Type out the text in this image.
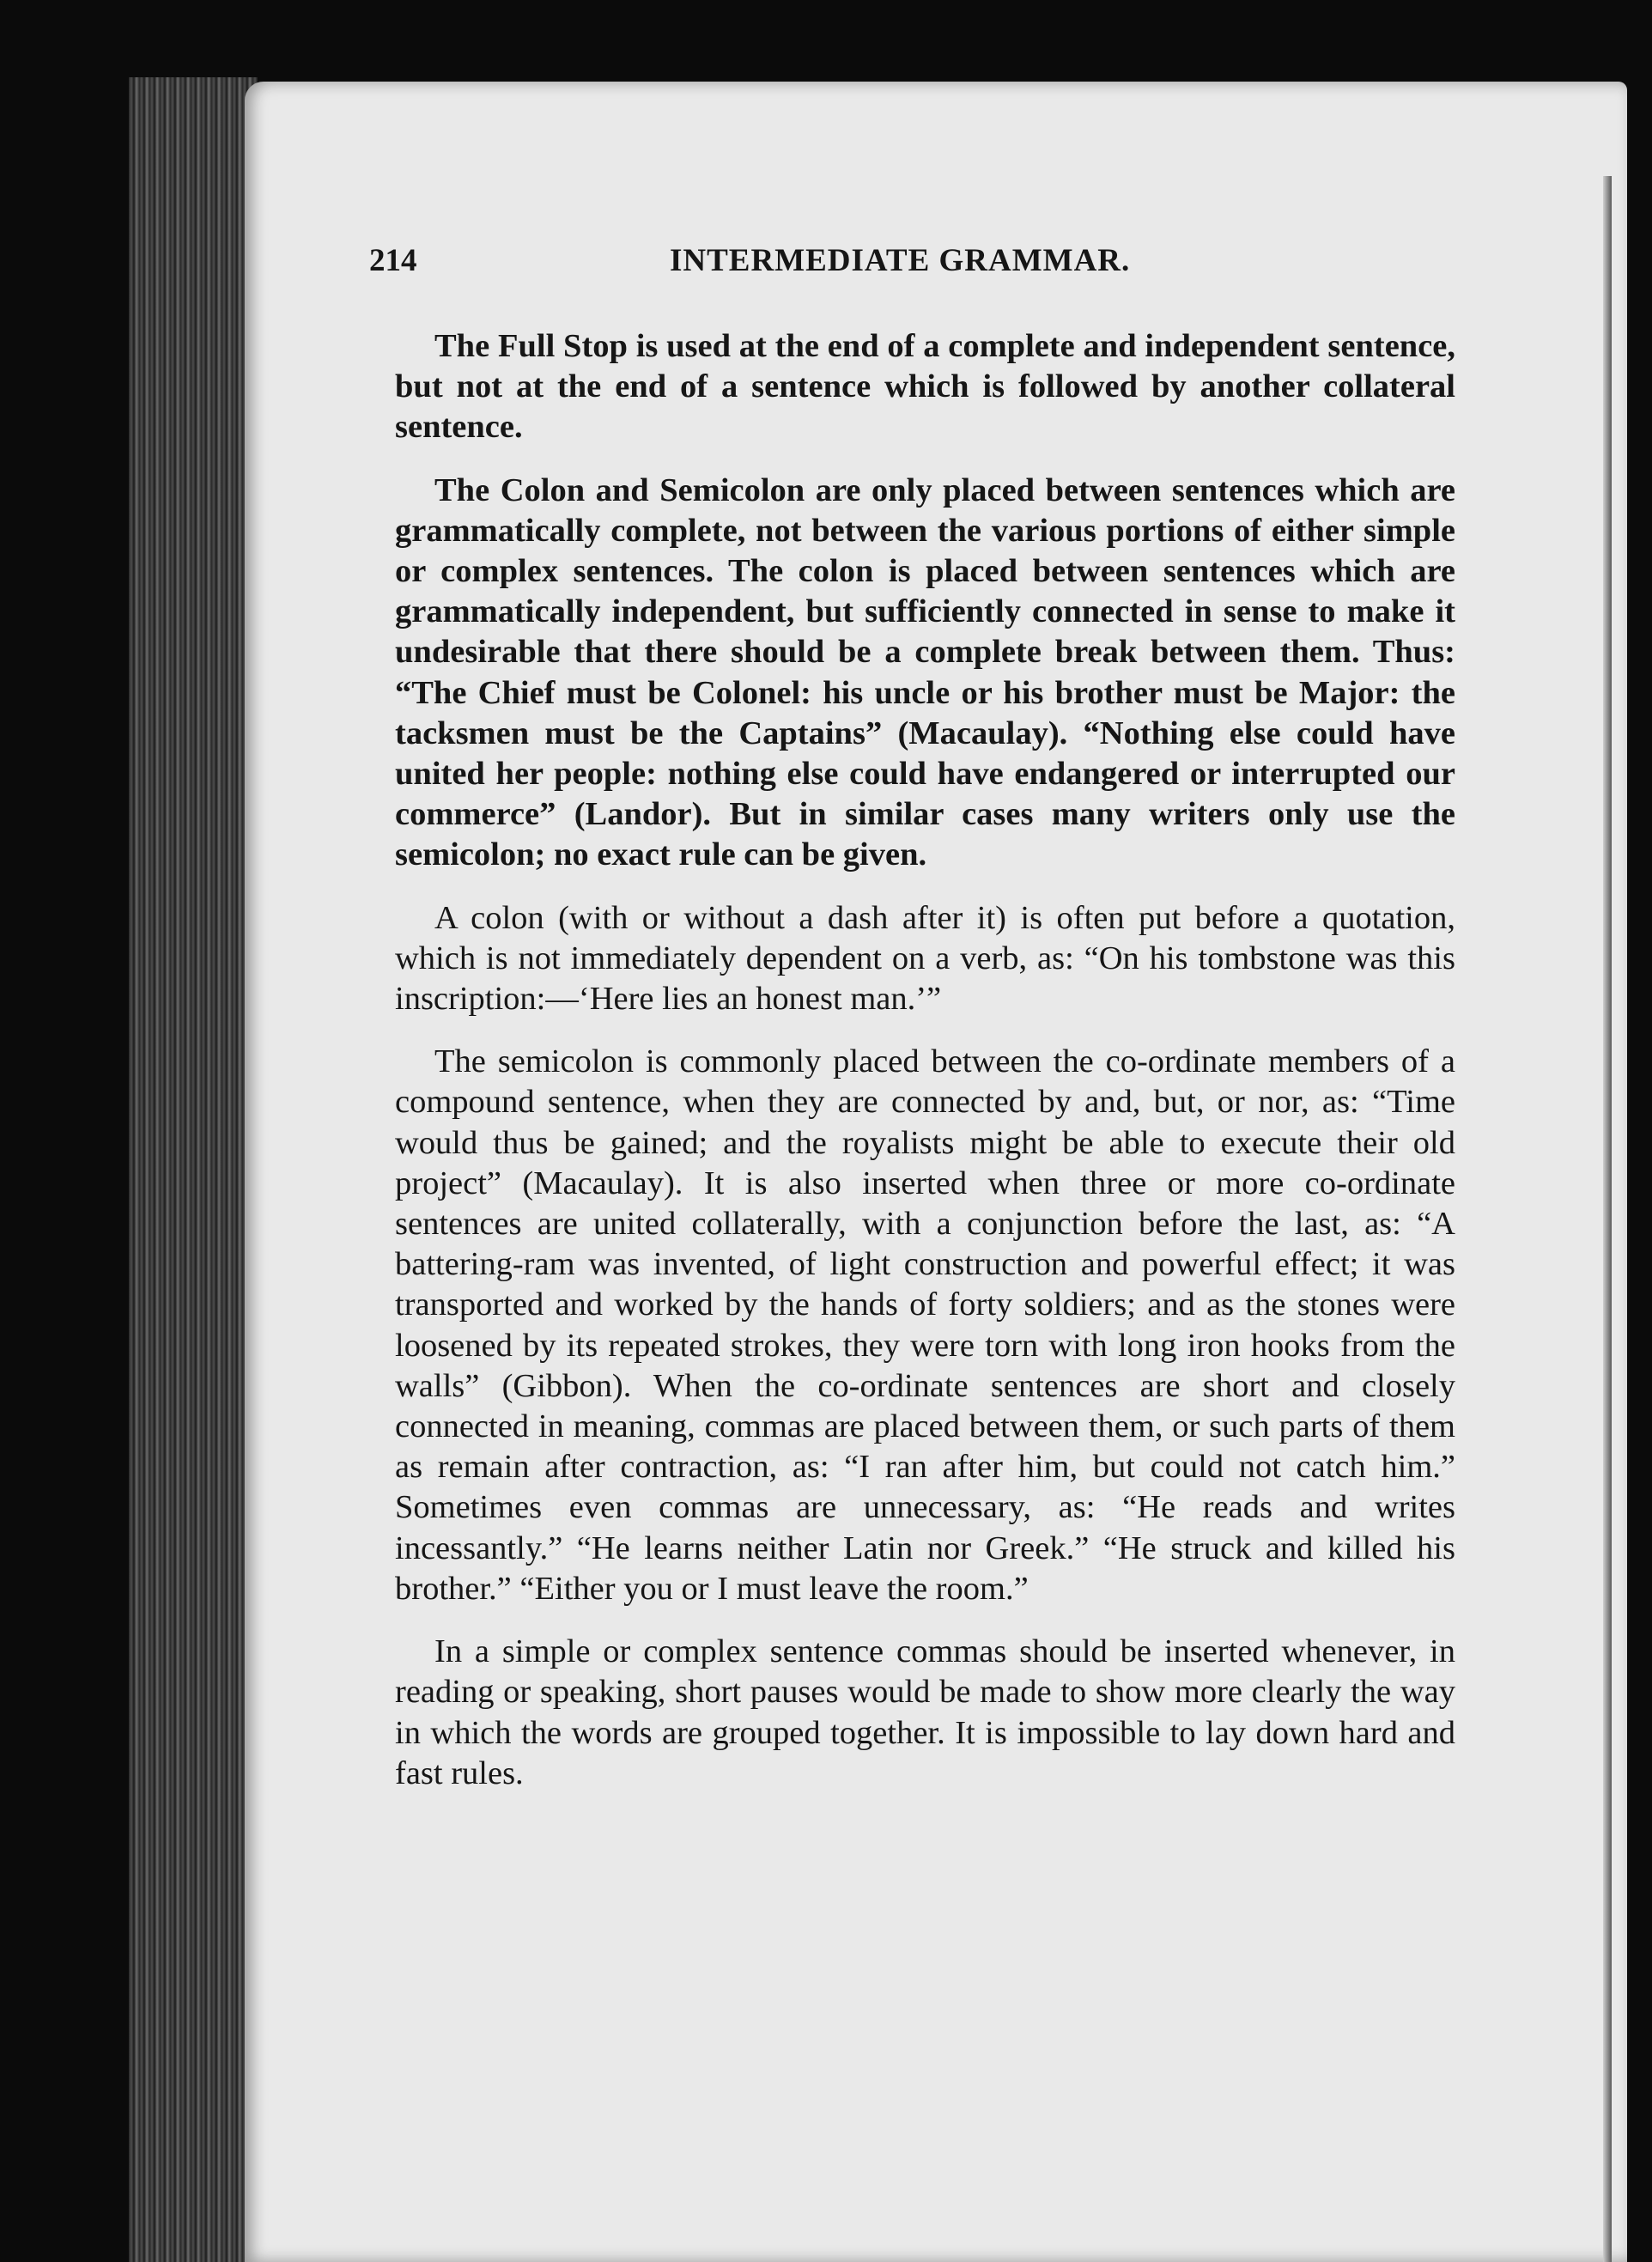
214	INTERMEDIATE GRAMMAR.

The Full Stop is used at the end of a complete and independent sentence, but not at the end of a sentence which is followed by another collateral sentence.

The Colon and Semicolon are only placed between sentences which are grammatically complete, not between the various portions of either simple or complex sentences. The colon is placed between sentences which are grammatically independent, but sufficiently connected in sense to make it undesirable that there should be a complete break between them. Thus: “The Chief must be Colonel: his uncle or his brother must be Major: the tacksmen must be the Captains” (Macaulay). “Nothing else could have united her people: nothing else could have endangered or interrupted our commerce” (Landor). But in similar cases many writers only use the semicolon; no exact rule can be given.

A colon (with or without a dash after it) is often put before a quotation, which is not immediately dependent on a verb, as: “On his tombstone was this inscription:—‘Here lies an honest man.’”

The semicolon is commonly placed between the co-ordinate members of a compound sentence, when they are connected by and, but, or nor, as: “Time would thus be gained; and the royalists might be able to execute their old project” (Macaulay). It is also inserted when three or more co-ordinate sentences are united collaterally, with a conjunction before the last, as: “A battering-ram was invented, of light construction and powerful effect; it was transported and worked by the hands of forty soldiers; and as the stones were loosened by its repeated strokes, they were torn with long iron hooks from the walls” (Gibbon). When the co-ordinate sentences are short and closely connected in meaning, commas are placed between them, or such parts of them as remain after contraction, as: “I ran after him, but could not catch him.” Sometimes even commas are unnecessary, as: “He reads and writes incessantly.” “He learns neither Latin nor Greek.” “He struck and killed his brother.” “Either you or I must leave the room.”

In a simple or complex sentence commas should be inserted whenever, in reading or speaking, short pauses would be made to show more clearly the way in which the words are grouped together. It is impossible to lay down hard and fast rules.
